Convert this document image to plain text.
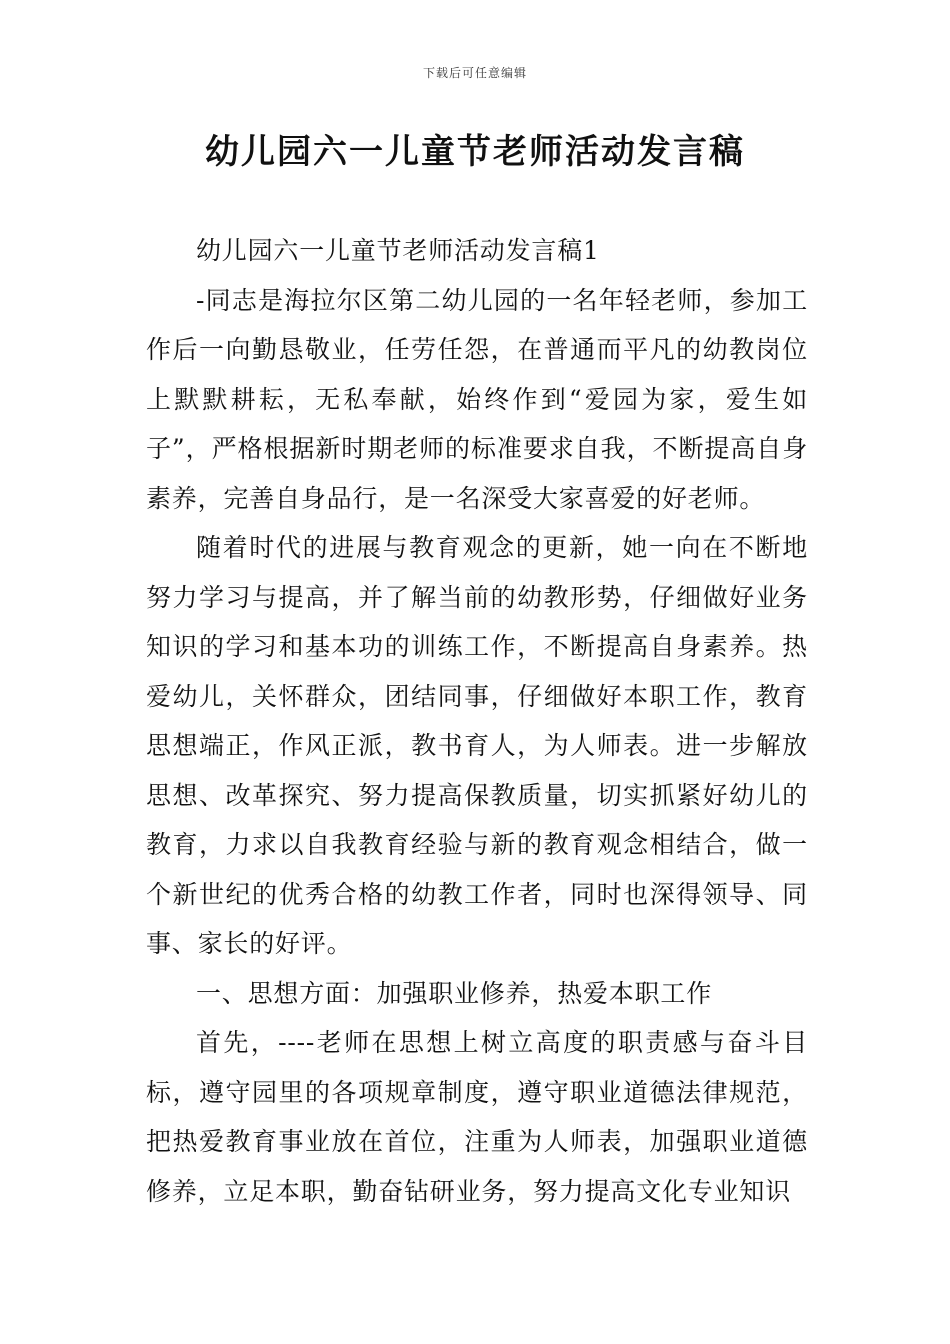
下载后可任意编辑
幼儿园六一儿童节老师活动发言稿

幼儿园六一儿童节老师活动发言稿1

-同志是海拉尔区第二幼儿园的一名年轻老师，参加工作后一向勤恳敬业，任劳任怨，在普通而平凡的幼教岗位上默默耕耘，无私奉献，始终作到“爱园为家，爱生如子”，严格根据新时期老师的标准要求自我，不断提高自身素养，完善自身品行，是一名深受大家喜爱的好老师。

随着时代的进展与教育观念的更新，她一向在不断地努力学习与提高，并了解当前的幼教形势，仔细做好业务知识的学习和基本功的训练工作，不断提高自身素养。热爱幼儿，关怀群众，团结同事，仔细做好本职工作，教育思想端正，作风正派，教书育人，为人师表。进一步解放思想、改革探究、努力提高保教质量，切实抓紧好幼儿的教育，力求以自我教育经验与新的教育观念相结合，做一个新世纪的优秀合格的幼教工作者，同时也深得领导、同事、家长的好评。

一、思想方面：加强职业修养，热爱本职工作

首先，----老师在思想上树立高度的职责感与奋斗目标，遵守园里的各项规章制度，遵守职业道德法律规范，把热爱教育事业放在首位，注重为人师表，加强职业道德修养，立足本职，勤奋钻研业务，努力提高文化专业知识
